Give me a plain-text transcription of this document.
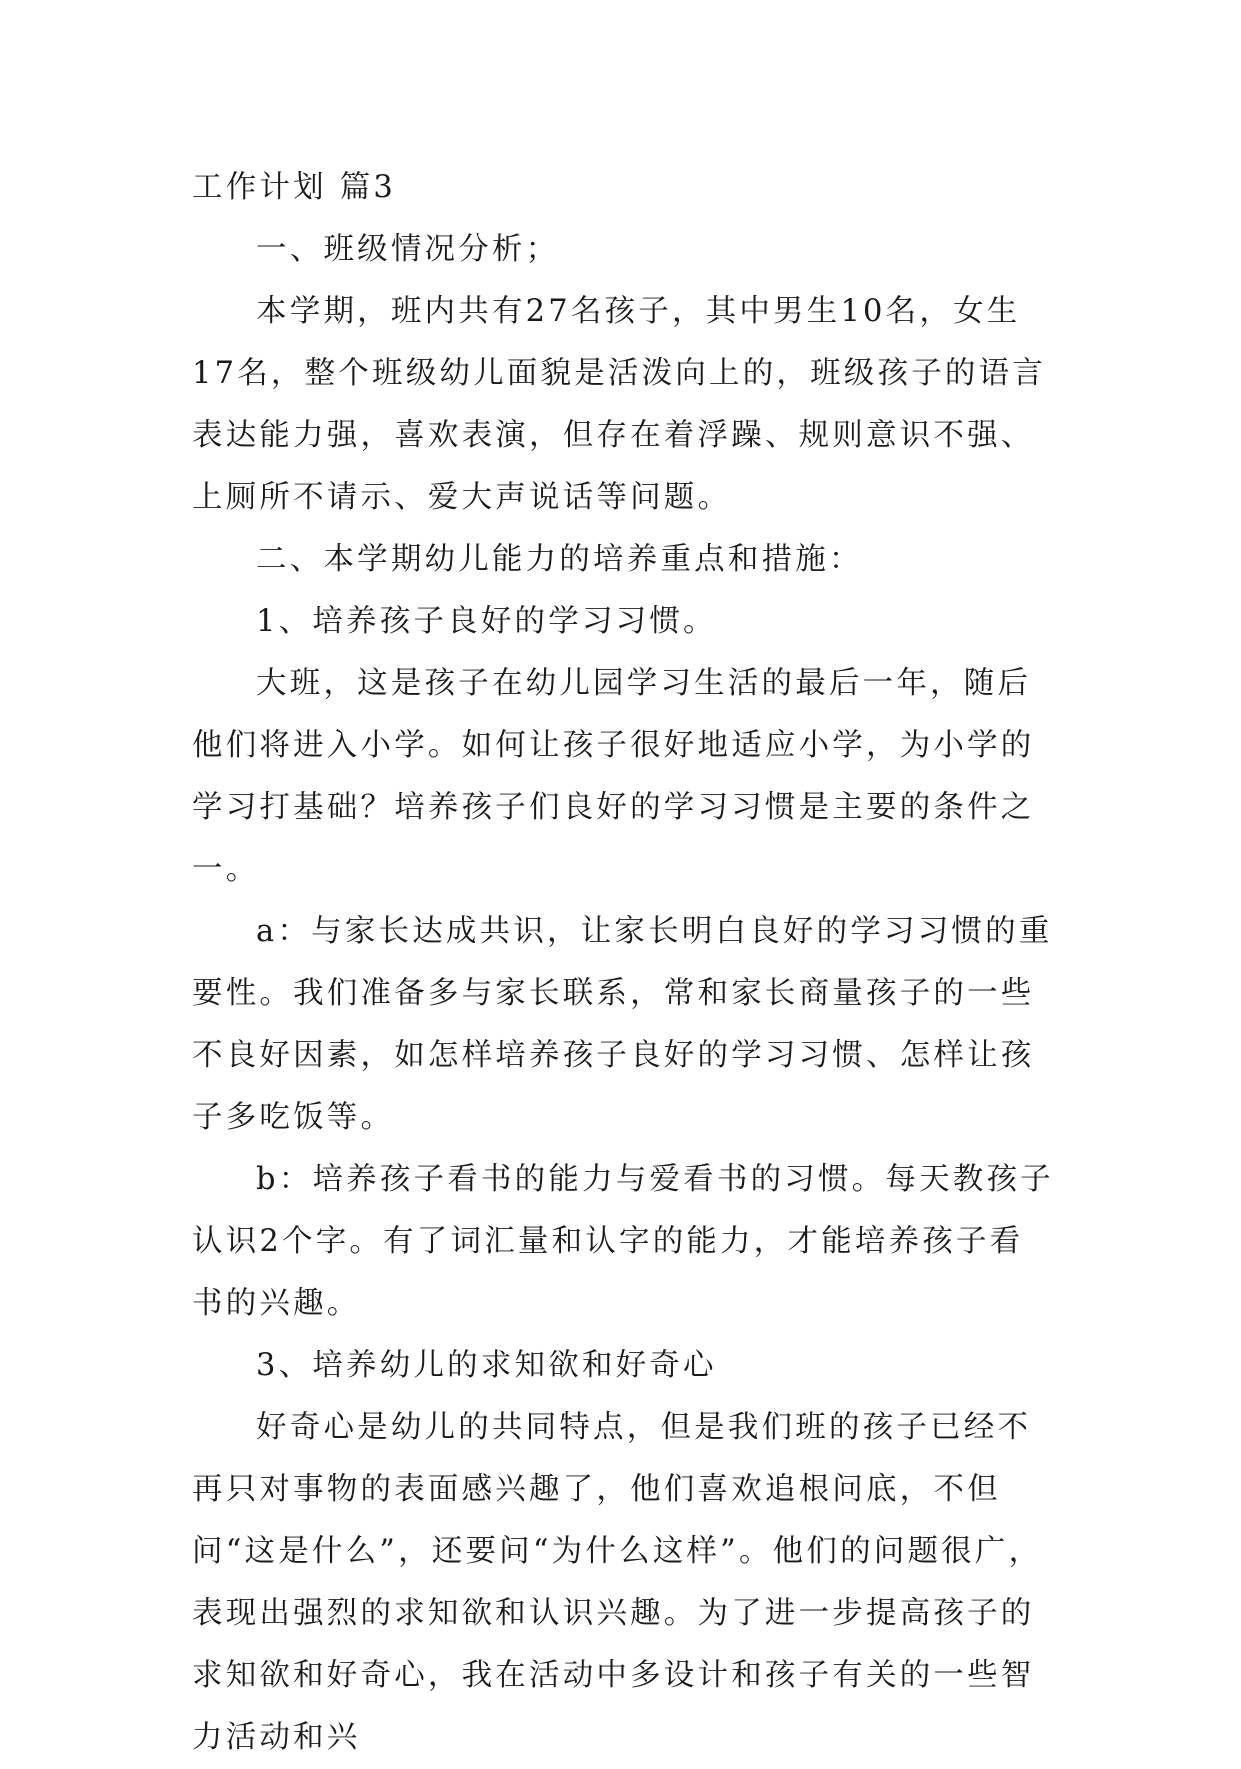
工作计划 篇3

一、班级情况分析；

本学期，班内共有27名孩子，其中男生10名，女生17名，整个班级幼儿面貌是活泼向上的，班级孩子的语言表达能力强，喜欢表演，但存在着浮躁、规则意识不强、上厕所不请示、爱大声说话等问题。

二、本学期幼儿能力的培养重点和措施：

1、培养孩子良好的学习习惯。

大班，这是孩子在幼儿园学习生活的最后一年，随后他们将进入小学。如何让孩子很好地适应小学，为小学的学习打基础？培养孩子们良好的学习习惯是主要的条件之一。

a：与家长达成共识，让家长明白良好的学习习惯的重要性。我们准备多与家长联系，常和家长商量孩子的一些不良好因素，如怎样培养孩子良好的学习习惯、怎样让孩子多吃饭等。

b：培养孩子看书的能力与爱看书的习惯。每天教孩子认识2个字。有了词汇量和认字的能力，才能培养孩子看书的兴趣。

3、培养幼儿的求知欲和好奇心

好奇心是幼儿的共同特点，但是我们班的孩子已经不再只对事物的表面感兴趣了，他们喜欢追根问底，不但问“这是什么”，还要问“为什么这样”。他们的问题很广，表现出强烈的求知欲和认识兴趣。为了进一步提高孩子的求知欲和好奇心，我在活动中多设计和孩子有关的一些智力活动和兴
